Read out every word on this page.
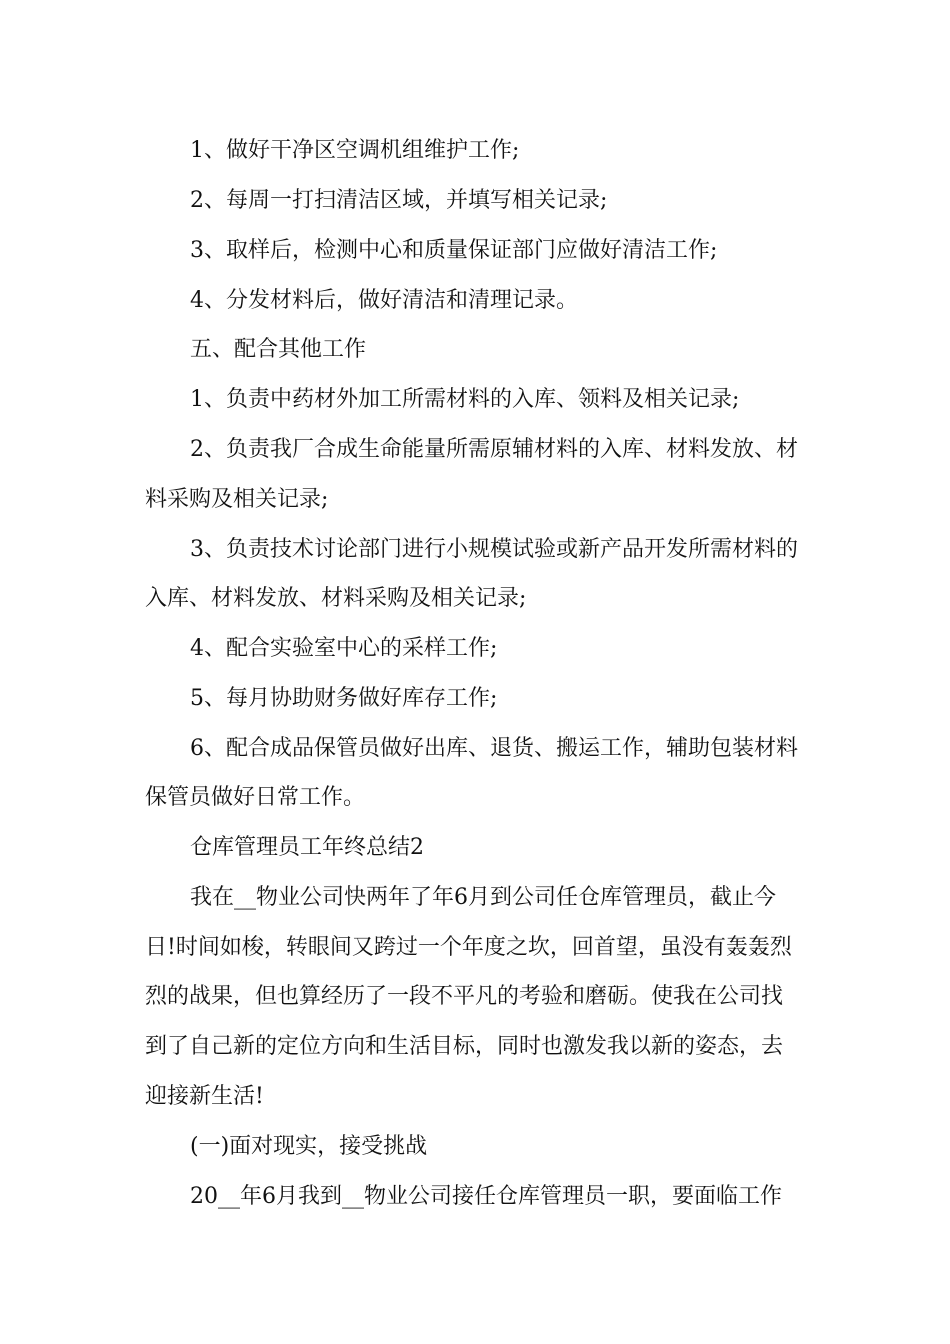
1、做好干净区空调机组维护工作;
2、每周一打扫清洁区域，并填写相关记录;
3、取样后，检测中心和质量保证部门应做好清洁工作;
4、分发材料后，做好清洁和清理记录。
五、配合其他工作
1、负责中药材外加工所需材料的入库、领料及相关记录;
2、负责我厂合成生命能量所需原辅材料的入库、材料发放、材
料采购及相关记录;
3、负责技术讨论部门进行小规模试验或新产品开发所需材料的
入库、材料发放、材料采购及相关记录;
4、配合实验室中心的采样工作;
5、每月协助财务做好库存工作;
6、配合成品保管员做好出库、退货、搬运工作，辅助包装材料
保管员做好日常工作。
仓库管理员工年终总结2
我在__物业公司快两年了年6月到公司任仓库管理员，截止今
日!时间如梭，转眼间又跨过一个年度之坎，回首望，虽没有轰轰烈
烈的战果，但也算经历了一段不平凡的考验和磨砺。使我在公司找
到了自己新的定位方向和生活目标，同时也激发我以新的姿态，去
迎接新生活!
(一)面对现实，接受挑战
20__年6月我到__物业公司接任仓库管理员一职，要面临工作
